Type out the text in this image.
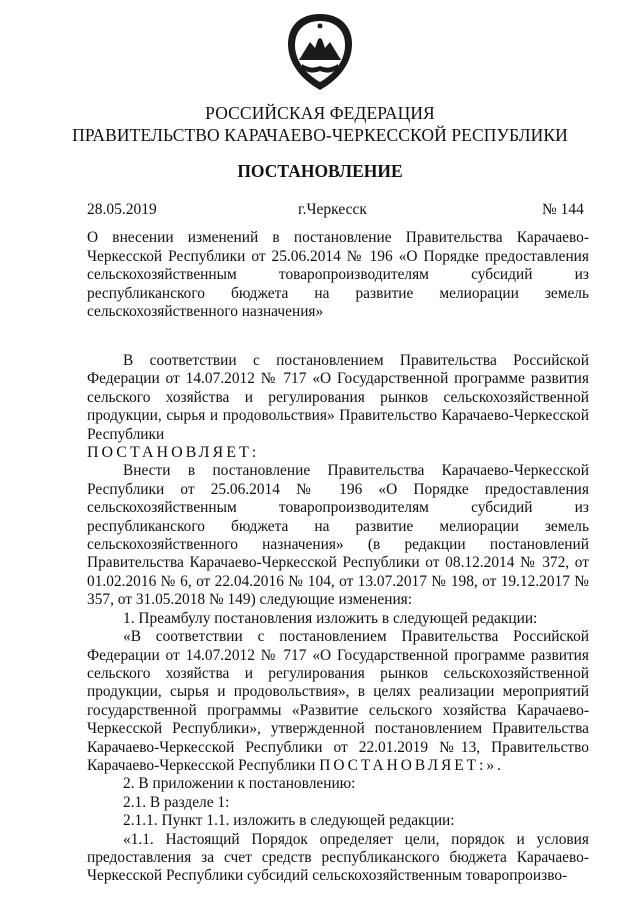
РОССИЙСКАЯ ФЕДЕРАЦИЯ
ПРАВИТЕЛЬСТВО КАРАЧАЕВО-ЧЕРКЕССКОЙ РЕСПУБЛИКИ
ПОСТАНОВЛЕНИЕ
28.05.2019	г.Черкесск	№ 144
О внесении изменений в постановление Правительства Карачаево-Черкесской Республики от 25.06.2014 № 196 «О Порядке предоставления сельскохозяйственным товаропроизводителям субсидий из республиканского бюджета на развитие мелиорации земель сельскохозяйственного назначения»

В соответствии с постановлением Правительства Российской Федерации от 14.07.2012 № 717 «О Государственной программе развития сельского хозяйства и регулирования рынков сельскохозяйственной продукции, сырья и продовольствия» Правительство Карачаево-Черкесской Республики

ПОСТАНОВЛЯЕТ:

Внести в постановление Правительства Карачаево-Черкесской Республики от 25.06.2014 № 196 «О Порядке предоставления сельскохозяйственным товаропроизводителям субсидий из республиканского бюджета на развитие мелиорации земель сельскохозяйственного назначения» (в редакции постановлений Правительства Карачаево-Черкесской Республики от 08.12.2014 № 372, от 01.02.2016 № 6, от 22.04.2016 № 104, от 13.07.2017 № 198, от 19.12.2017 № 357, от 31.05.2018 № 149) следующие изменения:

1. Преамбулу постановления изложить в следующей редакции:

«В соответствии с постановлением Правительства Российской Федерации от 14.07.2012 № 717 «О Государственной программе развития сельского хозяйства и регулирования рынков сельскохозяйственной продукции, сырья и продовольствия», в целях реализации мероприятий государственной программы «Развитие сельского хозяйства Карачаево-Черкесской Республики», утвержденной постановлением Правительства Карачаево-Черкесской Республики от 22.01.2019 №13, Правительство Карачаево-Черкесской Республики ПОСТАНОВЛЯЕТ:».

2. В приложении к постановлению:

2.1. В разделе 1:

2.1.1. Пункт 1.1. изложить в следующей редакции:

«1.1. Настоящий Порядок определяет цели, порядок и условия предоставления за счет средств республиканского бюджета Карачаево-Черкесской Республики субсидий сельскохозяйственным товаропроизво-
